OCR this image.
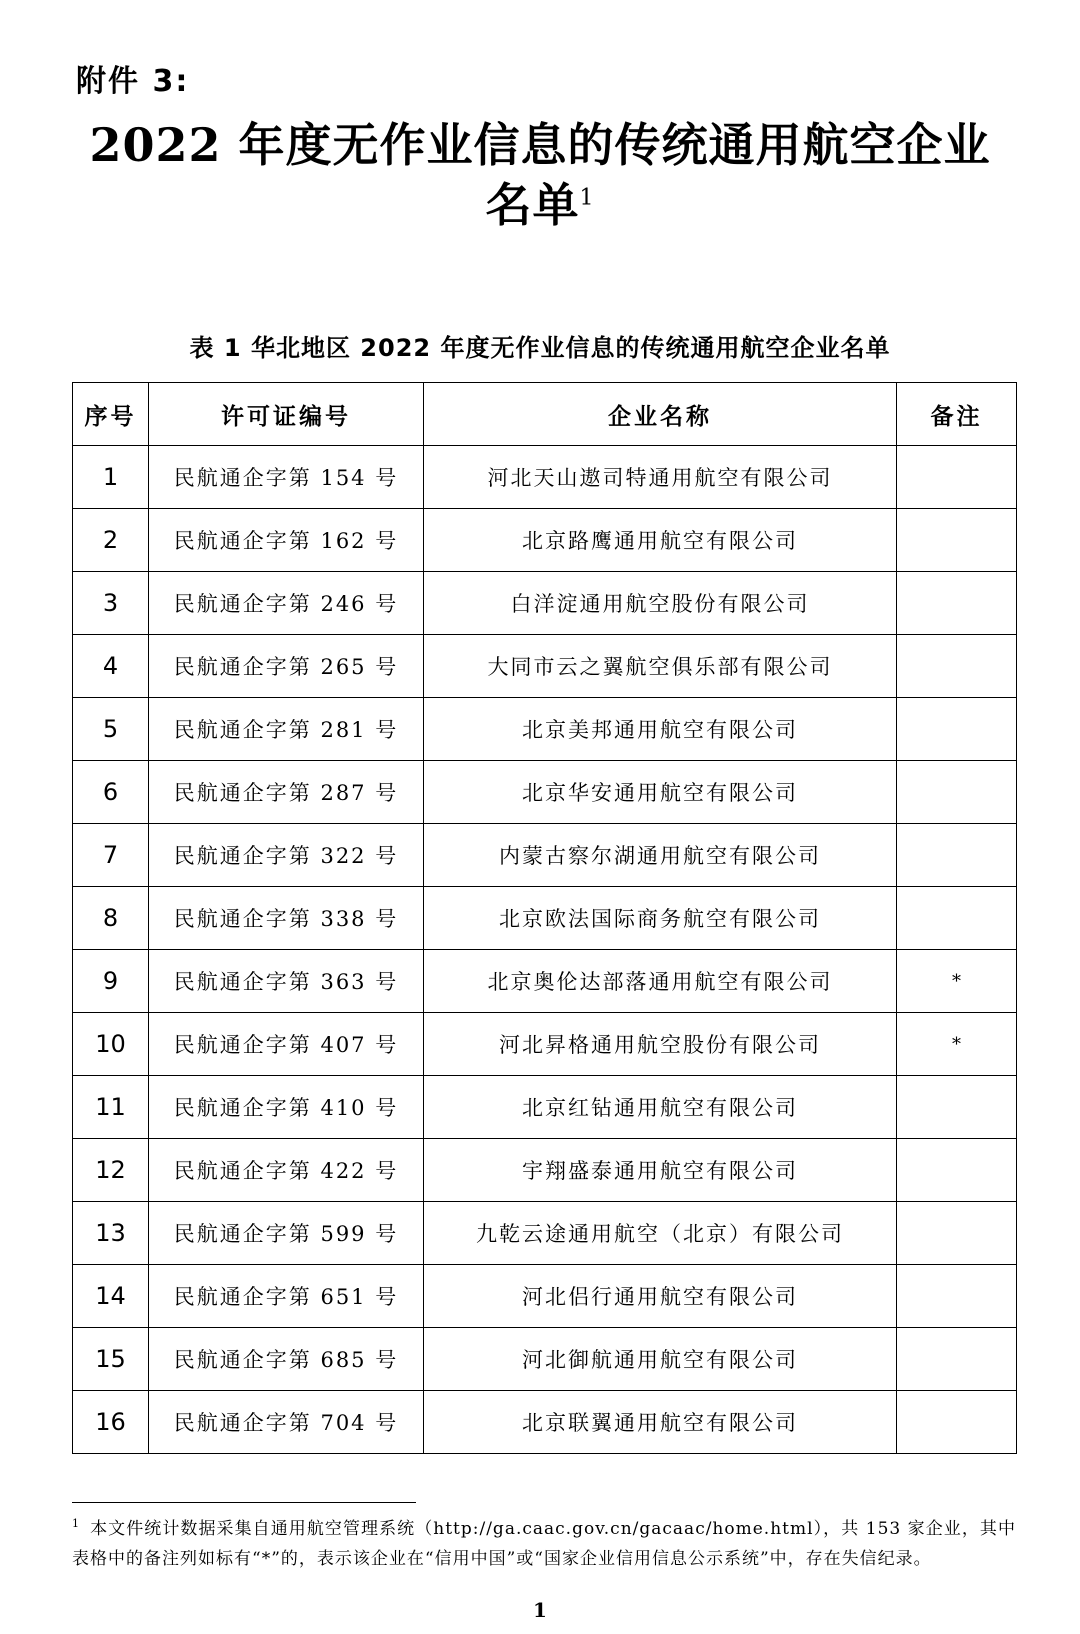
附件 3:
2022 年度无作业信息的传统通用航空企业
名单$^1$
表 1 华北地区 2022 年度无作业信息的传统通用航空企业名单
序号	许可证编号	企业名称	备注
1	民航通企字第 154 号	河北天山遨司特通用航空有限公司	
2	民航通企字第 162 号	北京路鹰通用航空有限公司	
3	民航通企字第 246 号	白洋淀通用航空股份有限公司	
4	民航通企字第 265 号	大同市云之翼航空俱乐部有限公司	
5	民航通企字第 281 号	北京美邦通用航空有限公司	
6	民航通企字第 287 号	北京华安通用航空有限公司	
7	民航通企字第 322 号	内蒙古察尔湖通用航空有限公司	
8	民航通企字第 338 号	北京欧法国际商务航空有限公司	
9	民航通企字第 363 号	北京奥伦达部落通用航空有限公司	*
10	民航通企字第 407 号	河北昇格通用航空股份有限公司	*
11	民航通企字第 410 号	北京红钻通用航空有限公司	
12	民航通企字第 422 号	宇翔盛泰通用航空有限公司	
13	民航通企字第 599 号	九乾云途通用航空（北京）有限公司	
14	民航通企字第 651 号	河北侣行通用航空有限公司	
15	民航通企字第 685 号	河北御航通用航空有限公司	
16	民航通企字第 704 号	北京联翼通用航空有限公司	
$^1$ 本文件统计数据采集自通用航空管理系统（http://ga.caac.gov.cn/gacaac/home.html），共 153 家企业，其中表格中的备注列如标有“*”的，表示该企业在“信用中国”或“国家企业信用信息公示系统”中，存在失信纪录。
1
